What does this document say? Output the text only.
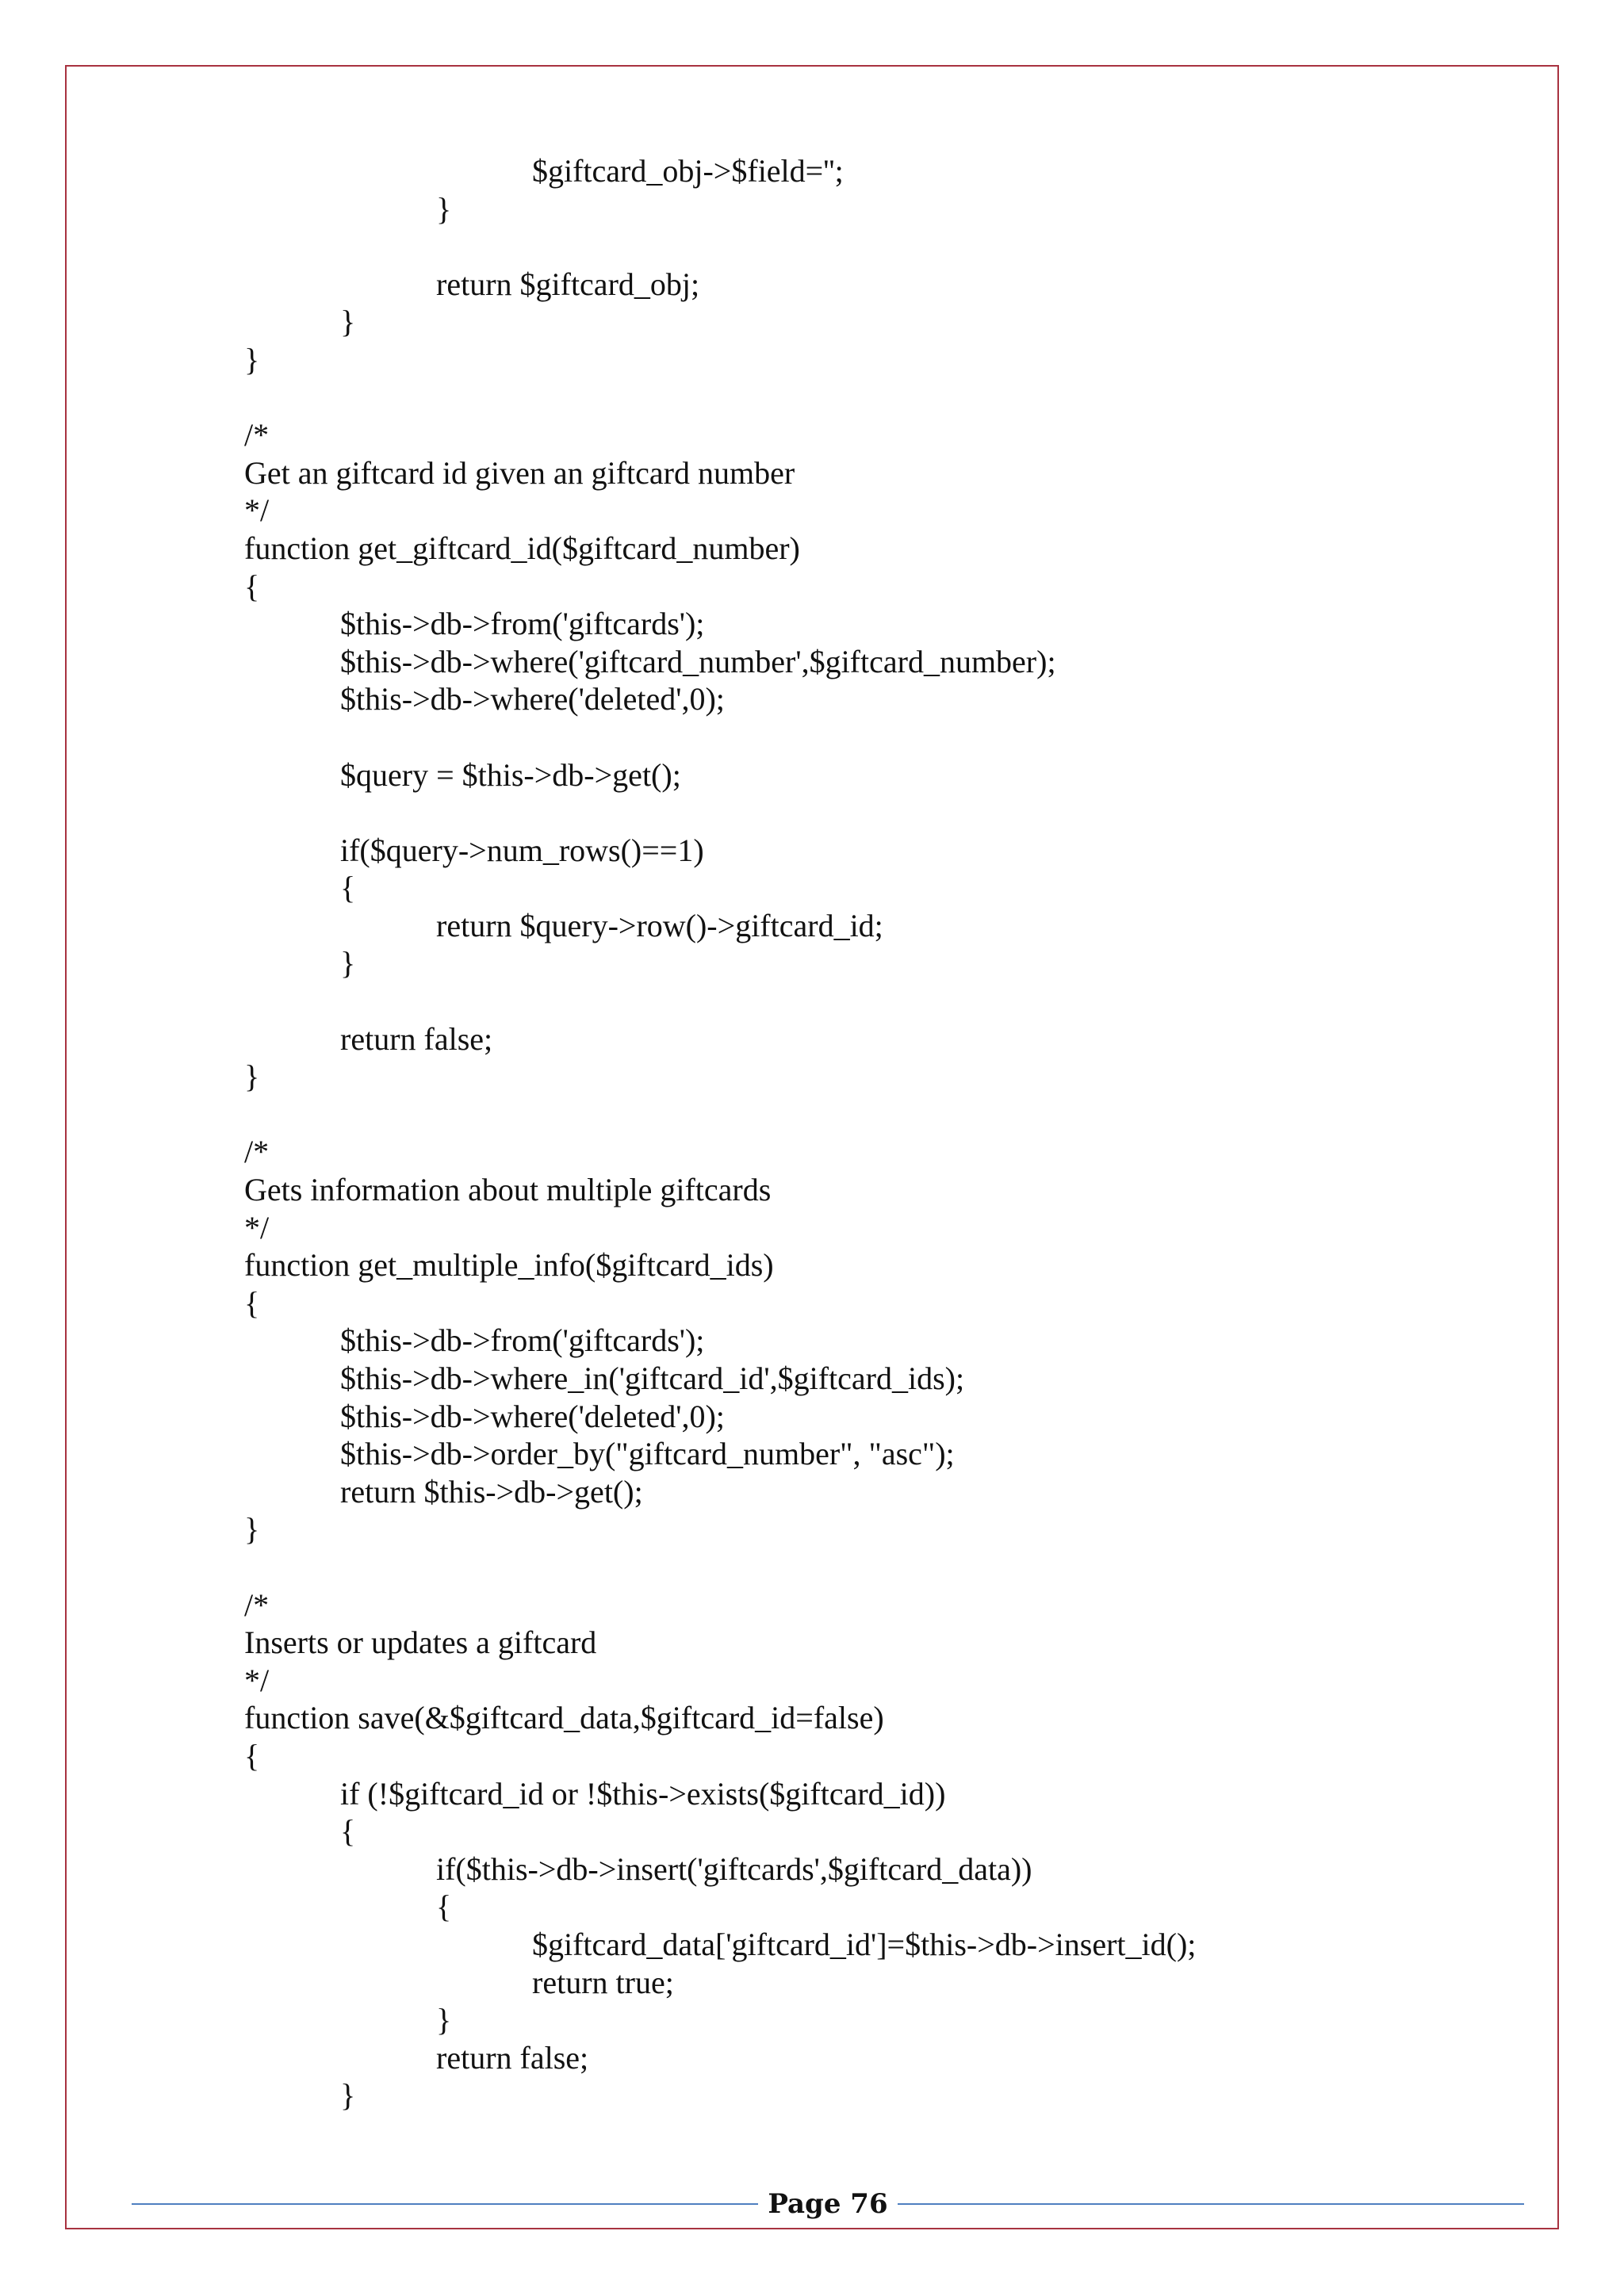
$giftcard_obj->$field='';
}
return $giftcard_obj;
}
}
/*
Get an giftcard id given an giftcard number
*/
function get_giftcard_id($giftcard_number)
{
$this->db->from('giftcards');
$this->db->where('giftcard_number',$giftcard_number);
$this->db->where('deleted',0);
$query = $this->db->get();
if($query->num_rows()==1)
{
return $query->row()->giftcard_id;
}
return false;
}
/*
Gets information about multiple giftcards
*/
function get_multiple_info($giftcard_ids)
{
$this->db->from('giftcards');
$this->db->where_in('giftcard_id',$giftcard_ids);
$this->db->where('deleted',0);
$this->db->order_by("giftcard_number", "asc");
return $this->db->get();
}
/*
Inserts or updates a giftcard
*/
function save(&$giftcard_data,$giftcard_id=false)
{
if (!$giftcard_id or !$this->exists($giftcard_id))
{
if($this->db->insert('giftcards',$giftcard_data))
{
$giftcard_data['giftcard_id']=$this->db->insert_id();
return true;
}
return false;
}
Page 76
